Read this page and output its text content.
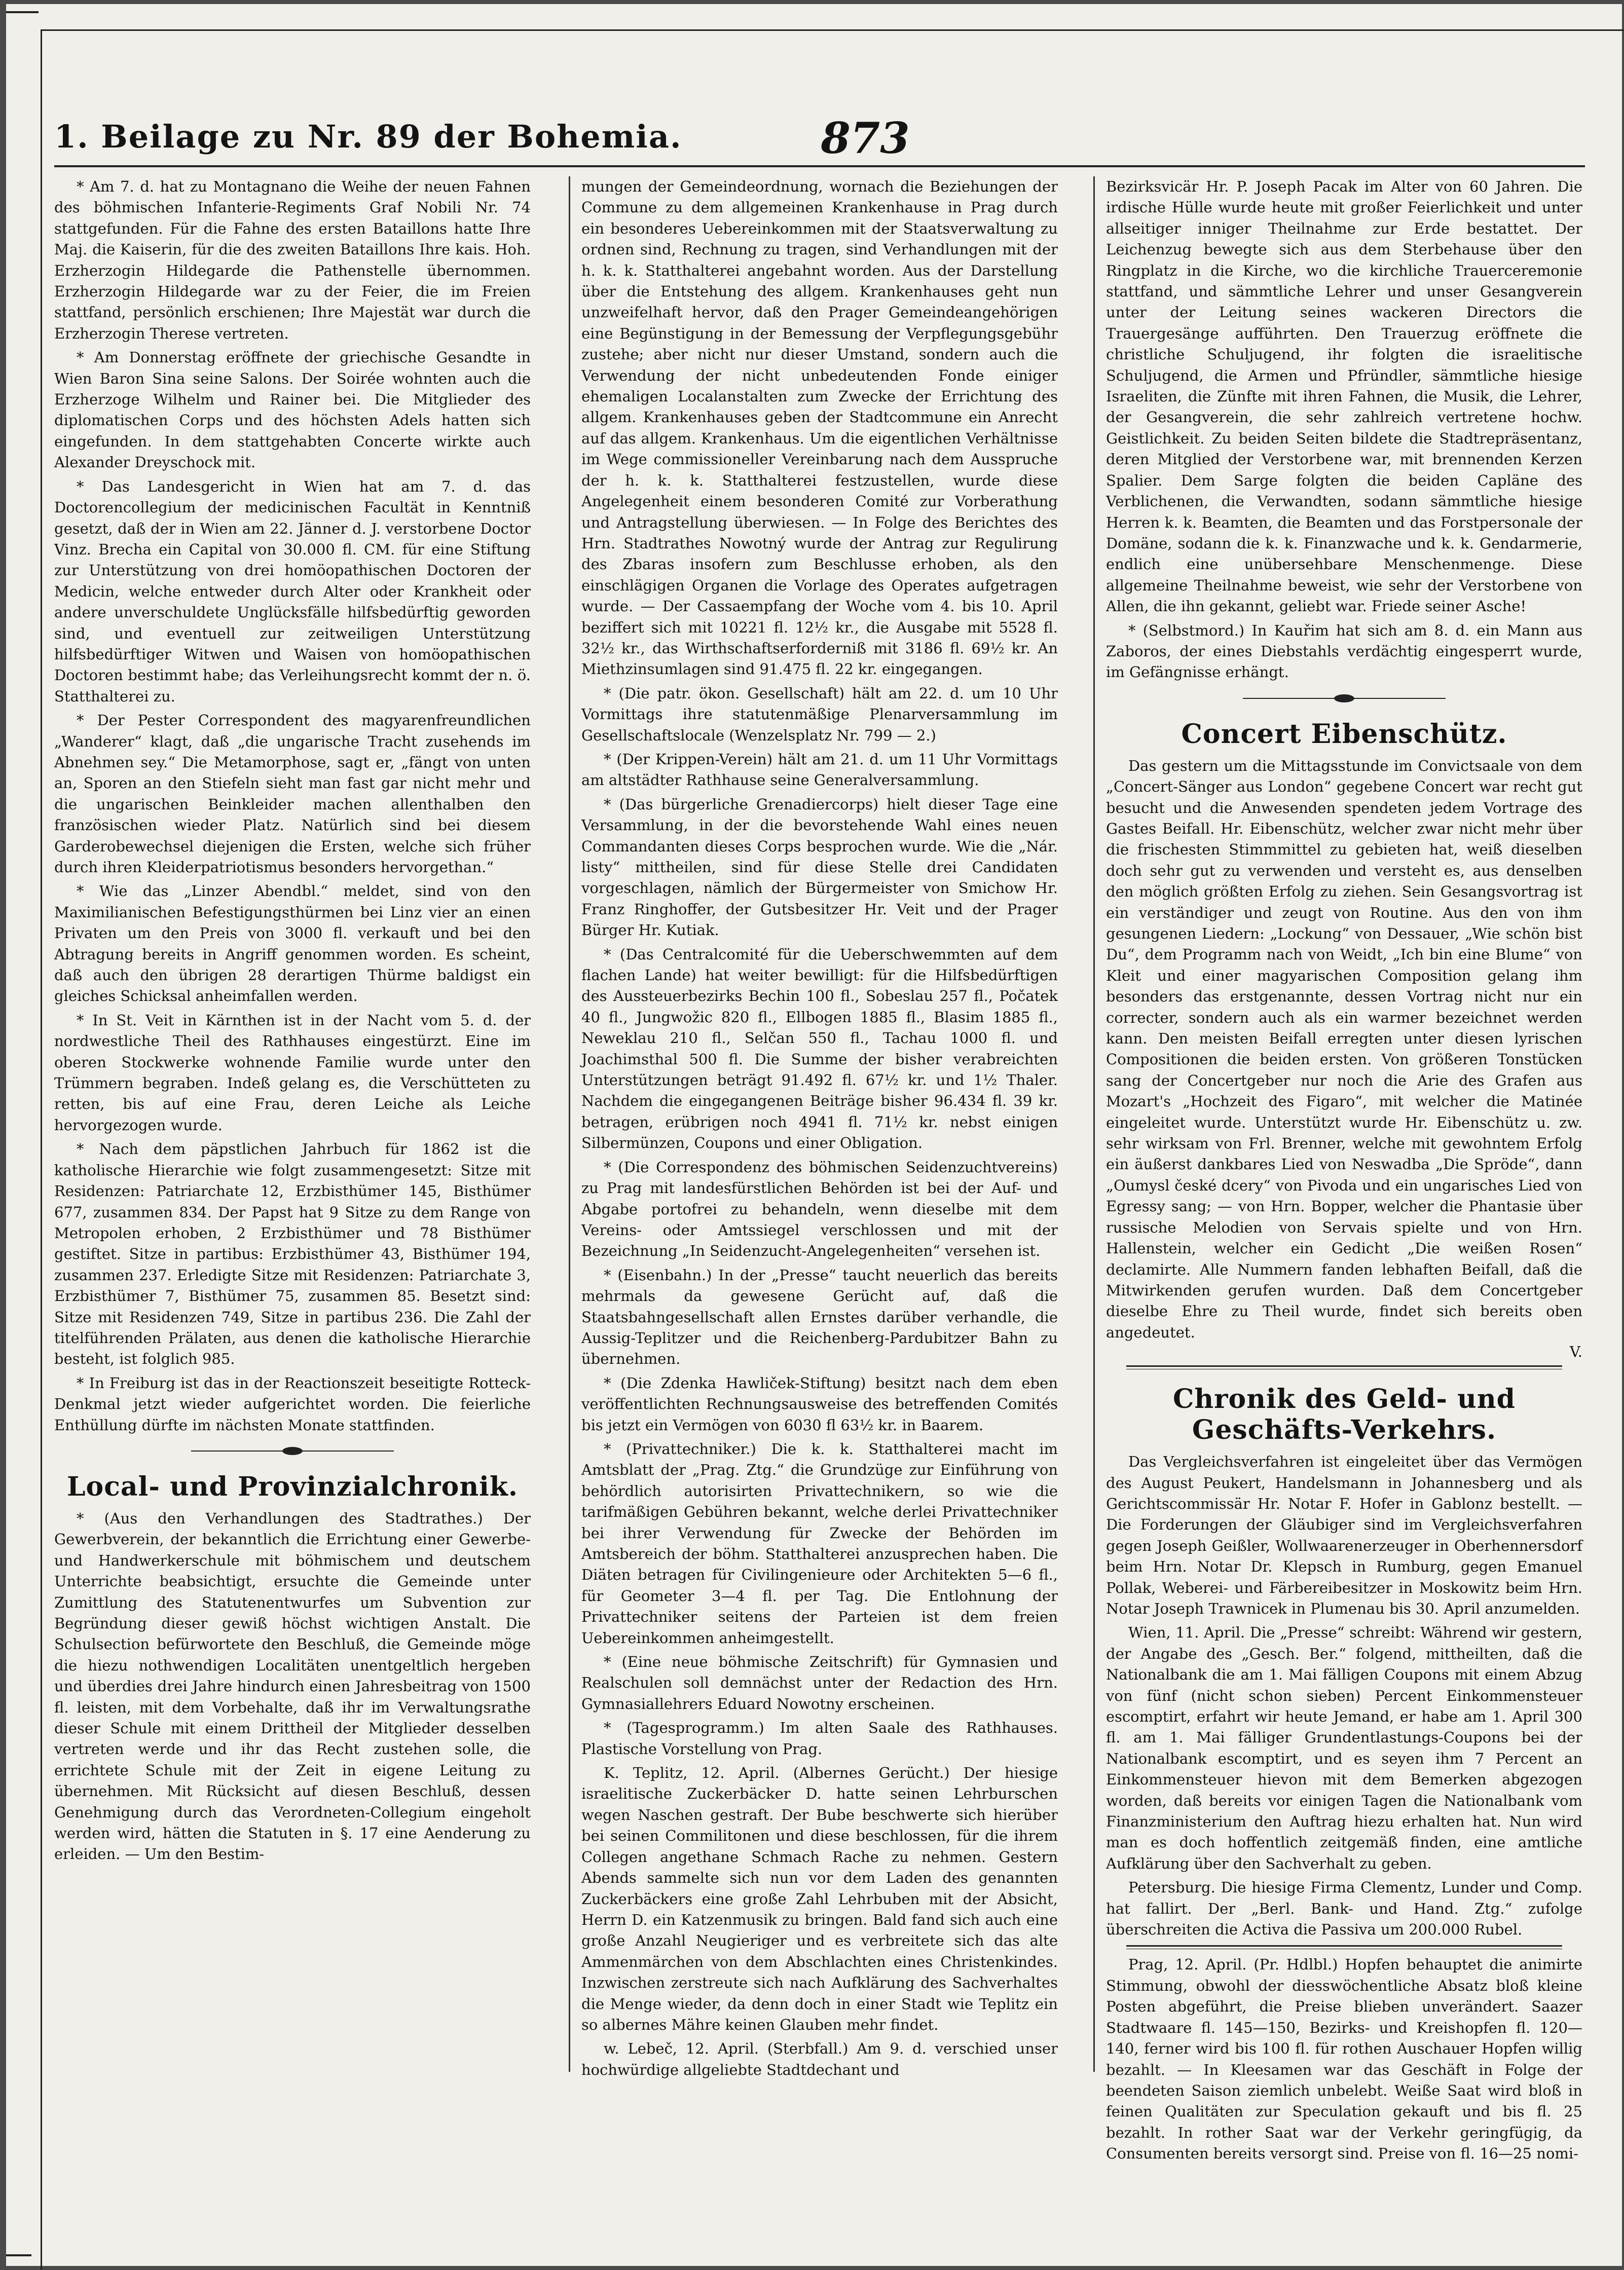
1. Beilage zu Nr. 89 der Bohemia.	873

* Am 7. d. hat zu Montagnano die Weihe der neuen Fahnen des böhmischen Infanterie-Regiments Graf Nobili Nr. 74 stattgefunden. Für die Fahne des ersten Bataillons hatte Ihre Maj. die Kaiserin, für die des zweiten Bataillons Ihre kais. Hoh. Erzherzogin Hildegarde die Pathenstelle übernommen. Erzherzogin Hildegarde war zu der Feier, die im Freien stattfand, persönlich erschienen; Ihre Majestät war durch die Erzherzogin Therese vertreten.

* Am Donnerstag eröffnete der griechische Gesandte in Wien Baron Sina seine Salons. Der Soirée wohnten auch die Erzherzoge Wilhelm und Rainer bei. Die Mitglieder des diplomatischen Corps und des höchsten Adels hatten sich eingefunden. In dem stattgehabten Concerte wirkte auch Alexander Dreyschock mit.

* Das Landesgericht in Wien hat am 7. d. das Doctorencollegium der medicinischen Facultät in Kenntniß gesetzt, daß der in Wien am 22. Jänner d. J. verstorbene Doctor Vinz. Brecha ein Capital von 30.000 fl. CM. für eine Stiftung zur Unterstützung von drei homöopathischen Doctoren der Medicin, welche entweder durch Alter oder Krankheit oder andere unverschuldete Unglücksfälle hilfsbedürftig geworden sind, und eventuell zur zeitweiligen Unterstützung hilfsbedürftiger Witwen und Waisen von homöopathischen Doctoren bestimmt habe; das Verleihungsrecht kommt der n. ö. Statthalterei zu.

* Der Pester Correspondent des magyarenfreundlichen „Wanderer“ klagt, daß „die ungarische Tracht zusehends im Abnehmen sey.“ Die Metamorphose, sagt er, „fängt von unten an, Sporen an den Stiefeln sieht man fast gar nicht mehr und die ungarischen Beinkleider machen allenthalben den französischen wieder Platz. Natürlich sind bei diesem Garderobewechsel diejenigen die Ersten, welche sich früher durch ihren Kleiderpatriotismus besonders hervorgethan.“

* Wie das „Linzer Abendbl.“ meldet, sind von den Maximilianischen Befestigungsthürmen bei Linz vier an einen Privaten um den Preis von 3000 fl. verkauft und bei den Abtragung bereits in Angriff genommen worden. Es scheint, daß auch den übrigen 28 derartigen Thürme baldigst ein gleiches Schicksal anheimfallen werden.

* In St. Veit in Kärnthen ist in der Nacht vom 5. d. der nordwestliche Theil des Rathhauses eingestürzt. Eine im oberen Stockwerke wohnende Familie wurde unter den Trümmern begraben. Indeß gelang es, die Verschütteten zu retten, bis auf eine Frau, deren Leiche als Leiche hervorgezogen wurde.

* Nach dem päpstlichen Jahrbuch für 1862 ist die katholische Hierarchie wie folgt zusammengesetzt: Sitze mit Residenzen: Patriarchate 12, Erzbisthümer 145, Bisthümer 677, zusammen 834. Der Papst hat 9 Sitze zu dem Range von Metropolen erhoben, 2 Erzbisthümer und 78 Bisthümer gestiftet. Sitze in partibus: Erzbisthümer 43, Bisthümer 194, zusammen 237. Erledigte Sitze mit Residenzen: Patriarchate 3, Erzbisthümer 7, Bisthümer 75, zusammen 85. Besetzt sind: Sitze mit Residenzen 749, Sitze in partibus 236. Die Zahl der titelführenden Prälaten, aus denen die katholische Hierarchie besteht, ist folglich 985.

* In Freiburg ist das in der Reactionszeit beseitigte Rotteck-Denkmal jetzt wieder aufgerichtet worden. Die feierliche Enthüllung dürfte im nächsten Monate stattfinden.

Local- und Provinzialchronik.

* (Aus den Verhandlungen des Stadtrathes.) Der Gewerbverein, der bekanntlich die Errichtung einer Gewerbe- und Handwerkerschule mit böhmischem und deutschem Unterrichte beabsichtigt, ersuchte die Gemeinde unter Zumittlung des Statutenentwurfes um Subvention zur Begründung dieser gewiß höchst wichtigen Anstalt. Die Schulsection befürwortete den Beschluß, die Gemeinde möge die hiezu nothwendigen Localitäten unentgeltlich hergeben und überdies drei Jahre hindurch einen Jahresbeitrag von 1500 fl. leisten, mit dem Vorbehalte, daß ihr im Verwaltungsrathe dieser Schule mit einem Drittheil der Mitglieder desselben vertreten werde und ihr das Recht zustehen solle, die errichtete Schule mit der Zeit in eigene Leitung zu übernehmen. Mit Rücksicht auf diesen Beschluß, dessen Genehmigung durch das Verordneten-Collegium eingeholt werden wird, hätten die Statuten in §. 17 eine Aenderung zu erleiden. — Um den Bestim-

mungen der Gemeindeordnung, wornach die Beziehungen der Commune zu dem allgemeinen Krankenhause in Prag durch ein besonderes Uebereinkommen mit der Staatsverwaltung zu ordnen sind, Rechnung zu tragen, sind Verhandlungen mit der h. k. k. Statthalterei angebahnt worden. Aus der Darstellung über die Entstehung des allgem. Krankenhauses geht nun unzweifelhaft hervor, daß den Prager Gemeindeangehörigen eine Begünstigung in der Bemessung der Verpflegungsgebühr zustehe; aber nicht nur dieser Umstand, sondern auch die Verwendung der nicht unbedeutenden Fonde einiger ehemaligen Localanstalten zum Zwecke der Errichtung des allgem. Krankenhauses geben der Stadtcommune ein Anrecht auf das allgem. Krankenhaus. Um die eigentlichen Verhältnisse im Wege commissioneller Vereinbarung nach dem Ausspruche der h. k. k. Statthalterei festzustellen, wurde diese Angelegenheit einem besonderen Comité zur Vorberathung und Antragstellung überwiesen. — In Folge des Berichtes des Hrn. Stadtrathes Nowotný wurde der Antrag zur Regulirung des Zbaras insofern zum Beschlusse erhoben, als den einschlägigen Organen die Vorlage des Operates aufgetragen wurde. — Der Cassaempfang der Woche vom 4. bis 10. April beziffert sich mit 10221 fl. 12½ kr., die Ausgabe mit 5528 fl. 32½ kr., das Wirthschaftserforderniß mit 3186 fl. 69½ kr. An Miethzinsumlagen sind 91.475 fl. 22 kr. eingegangen.

* (Die patr. ökon. Gesellschaft) hält am 22. d. um 10 Uhr Vormittags ihre statutenmäßige Plenarversammlung im Gesellschaftslocale (Wenzelsplatz Nr. 799 — 2.)

* (Der Krippen-Verein) hält am 21. d. um 11 Uhr Vormittags am altstädter Rathhause seine Generalversammlung.

* (Das bürgerliche Grenadiercorps) hielt dieser Tage eine Versammlung, in der die bevorstehende Wahl eines neuen Commandanten dieses Corps besprochen wurde. Wie die „Nár. listy“ mittheilen, sind für diese Stelle drei Candidaten vorgeschlagen, nämlich der Bürgermeister von Smichow Hr. Franz Ringhoffer, der Gutsbesitzer Hr. Veit und der Prager Bürger Hr. Kutiak.

* (Das Centralcomité für die Ueberschwemmten auf dem flachen Lande) hat weiter bewilligt: für die Hilfsbedürftigen des Aussteuerbezirks Bechin 100 fl., Sobeslau 257 fl., Počatek 40 fl., Jungwožic 820 fl., Ellbogen 1885 fl., Blasim 1885 fl., Neweklau 210 fl., Selčan 550 fl., Tachau 1000 fl. und Joachimsthal 500 fl. Die Summe der bisher verabreichten Unterstützungen beträgt 91.492 fl. 67½ kr. und 1½ Thaler. Nachdem die eingegangenen Beiträge bisher 96.434 fl. 39 kr. betragen, erübrigen noch 4941 fl. 71½ kr. nebst einigen Silbermünzen, Coupons und einer Obligation.

* (Die Correspondenz des böhmischen Seidenzuchtvereins) zu Prag mit landesfürstlichen Behörden ist bei der Auf- und Abgabe portofrei zu behandeln, wenn dieselbe mit dem Vereins- oder Amtssiegel verschlossen und mit der Bezeichnung „In Seidenzucht-Angelegenheiten“ versehen ist.

* (Eisenbahn.) In der „Presse“ taucht neuerlich das bereits mehrmals da gewesene Gerücht auf, daß die Staatsbahngesellschaft allen Ernstes darüber verhandle, die Aussig-Teplitzer und die Reichenberg-Pardubitzer Bahn zu übernehmen.

* (Die Zdenka Hawliček-Stiftung) besitzt nach dem eben veröffentlichten Rechnungsausweise des betreffenden Comités bis jetzt ein Vermögen von 6030 fl 63½ kr. in Baarem.

* (Privattechniker.) Die k. k. Statthalterei macht im Amtsblatt der „Prag. Ztg.“ die Grundzüge zur Einführung von behördlich autorisirten Privattechnikern, so wie die tarifmäßigen Gebühren bekannt, welche derlei Privattechniker bei ihrer Verwendung für Zwecke der Behörden im Amtsbereich der böhm. Statthalterei anzusprechen haben. Die Diäten betragen für Civilingenieure oder Architekten 5—6 fl., für Geometer 3—4 fl. per Tag. Die Entlohnung der Privattechniker seitens der Parteien ist dem freien Uebereinkommen anheimgestellt.

* (Eine neue böhmische Zeitschrift) für Gymnasien und Realschulen soll demnächst unter der Redaction des Hrn. Gymnasiallehrers Eduard Nowotny erscheinen.

* (Tagesprogramm.) Im alten Saale des Rathhauses. Plastische Vorstellung von Prag.

K. Teplitz, 12. April. (Albernes Gerücht.) Der hiesige israelitische Zuckerbäcker D. hatte seinen Lehrburschen wegen Naschen gestraft. Der Bube beschwerte sich hierüber bei seinen Commilitonen und diese beschlossen, für die ihrem Collegen angethane Schmach Rache zu nehmen. Gestern Abends sammelte sich nun vor dem Laden des genannten Zuckerbäckers eine große Zahl Lehrbuben mit der Absicht, Herrn D. ein Katzenmusik zu bringen. Bald fand sich auch eine große Anzahl Neugieriger und es verbreitete sich das alte Ammenmärchen von dem Abschlachten eines Christenkindes. Inzwischen zerstreute sich nach Aufklärung des Sachverhaltes die Menge wieder, da denn doch in einer Stadt wie Teplitz ein so albernes Mähre keinen Glauben mehr findet.

w. Lebeč, 12. April. (Sterbfall.) Am 9. d. verschied unser hochwürdige allgeliebte Stadtdechant und

Bezirksvicär Hr. P. Joseph Pacak im Alter von 60 Jahren. Die irdische Hülle wurde heute mit großer Feierlichkeit und unter allseitiger inniger Theilnahme zur Erde bestattet. Der Leichenzug bewegte sich aus dem Sterbehause über den Ringplatz in die Kirche, wo die kirchliche Trauerceremonie stattfand, und sämmtliche Lehrer und unser Gesangverein unter der Leitung seines wackeren Directors die Trauergesänge aufführten. Den Trauerzug eröffnete die christliche Schuljugend, ihr folgten die israelitische Schuljugend, die Armen und Pfründler, sämmtliche hiesige Israeliten, die Zünfte mit ihren Fahnen, die Musik, die Lehrer, der Gesangverein, die sehr zahlreich vertretene hochw. Geistlichkeit. Zu beiden Seiten bildete die Stadtrepräsentanz, deren Mitglied der Verstorbene war, mit brennenden Kerzen Spalier. Dem Sarge folgten die beiden Capläne des Verblichenen, die Verwandten, sodann sämmtliche hiesige Herren k. k. Beamten, die Beamten und das Forstpersonale der Domäne, sodann die k. k. Finanzwache und k. k. Gendarmerie, endlich eine unübersehbare Menschenmenge. Diese allgemeine Theilnahme beweist, wie sehr der Verstorbene von Allen, die ihn gekannt, geliebt war. Friede seiner Asche!

* (Selbstmord.) In Kauřim hat sich am 8. d. ein Mann aus Zaboros, der eines Diebstahls verdächtig eingesperrt wurde, im Gefängnisse erhängt.

Concert Eibenschütz.

Das gestern um die Mittagsstunde im Convictsaale von dem „Concert-Sänger aus London“ gegebene Concert war recht gut besucht und die Anwesenden spendeten jedem Vortrage des Gastes Beifall. Hr. Eibenschütz, welcher zwar nicht mehr über die frischesten Stimmmittel zu gebieten hat, weiß dieselben doch sehr gut zu verwenden und versteht es, aus denselben den möglich größten Erfolg zu ziehen. Sein Gesangsvortrag ist ein verständiger und zeugt von Routine. Aus den von ihm gesungenen Liedern: „Lockung“ von Dessauer, „Wie schön bist Du“, dem Programm nach von Weidt, „Ich bin eine Blume“ von Kleit und einer magyarischen Composition gelang ihm besonders das erstgenannte, dessen Vortrag nicht nur ein correcter, sondern auch als ein warmer bezeichnet werden kann. Den meisten Beifall erregten unter diesen lyrischen Compositionen die beiden ersten. Von größeren Tonstücken sang der Concertgeber nur noch die Arie des Grafen aus Mozart's „Hochzeit des Figaro“, mit welcher die Matinée eingeleitet wurde. Unterstützt wurde Hr. Eibenschütz u. zw. sehr wirksam von Frl. Brenner, welche mit gewohntem Erfolg ein äußerst dankbares Lied von Neswadba „Die Sprödе“, dann „Oumysl české dcery“ von Pivoda und ein ungarisches Lied von Egressy sang; — von Hrn. Bopper, welcher die Phantasie über russische Melodien von Servais spielte und von Hrn. Hallenstein, welcher ein Gedicht „Die weißen Rosen“ declamirte. Alle Nummern fanden lebhaften Beifall, daß die Mitwirkenden gerufen wurden. Daß dem Concertgeber dieselbe Ehre zu Theil wurde, findet sich bereits oben angedeutet.

V.
Chronik des Geld- und Geschäfts-Verkehrs.

Das Vergleichsverfahren ist eingeleitet über das Vermögen des August Peukert, Handelsmann in Johannesberg und als Gerichtscommissär Hr. Notar F. Hofer in Gablonz bestellt. — Die Forderungen der Gläubiger sind im Vergleichsverfahren gegen Joseph Geißler, Wollwaarenerzeuger in Oberhennersdorf beim Hrn. Notar Dr. Klepsch in Rumburg, gegen Emanuel Pollak, Weberei- und Färbereibesitzer in Moskowitz beim Hrn. Notar Joseph Trawnicek in Plumenau bis 30. April anzumelden.

Wien, 11. April. Die „Presse“ schreibt: Während wir gestern, der Angabe des „Gesch. Ber.“ folgend, mittheilten, daß die Nationalbank die am 1. Mai fälligen Coupons mit einem Abzug von fünf (nicht schon sieben) Percent Einkommensteuer escomptirt, erfahrt wir heute Jemand, er habe am 1. April 300 fl. am 1. Mai fälliger Grundentlastungs-Coupons bei der Nationalbank escomptirt, und es seyen ihm 7 Percent an Einkommensteuer hievon mit dem Bemerken abgezogen worden, daß bereits vor einigen Tagen die Nationalbank vom Finanzministerium den Auftrag hiezu erhalten hat. Nun wird man es doch hoffentlich zeitgemäß finden, eine amtliche Aufklärung über den Sachverhalt zu geben.

Petersburg. Die hiesige Firma Clementz, Lunder und Comp. hat fallirt. Der „Berl. Bank- und Hand. Ztg.“ zufolge überschreiten die Activa die Passiva um 200.000 Rubel.

Prag, 12. April. (Pr. Hdlbl.) Hopfen behauptet die animirte Stimmung, obwohl der diesswöchentliche Absatz bloß kleine Posten abgeführt, die Preise blieben unverändert. Saazer Stadtwaare fl. 145—150, Bezirks- und Kreishopfen fl. 120—140, ferner wird bis 100 fl. für rothen Auschauer Hopfen willig bezahlt. — In Kleesamen war das Geschäft in Folge der beendeten Saison ziemlich unbelebt. Weiße Saat wird bloß in feinen Qualitäten zur Speculation gekauft und bis fl. 25 bezahlt. In rother Saat war der Verkehr geringfügig, da Consumenten bereits versorgt sind. Preise von fl. 16—25 nomi-
